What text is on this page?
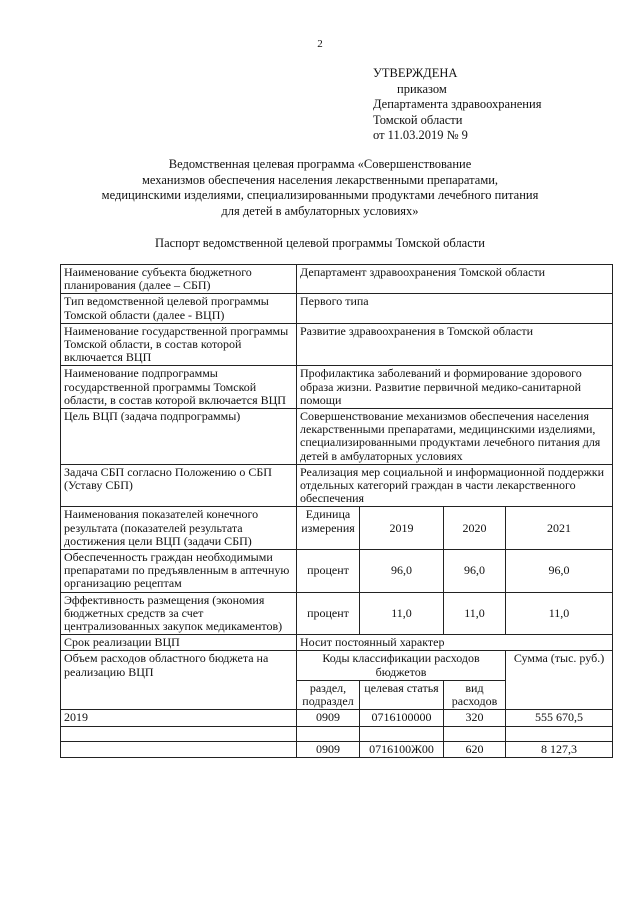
2
УТВЕРЖДЕНА
приказом
Департамента здравоохранения
Томской области
от 11.03.2019 № 9
Ведомственная целевая программа «Совершенствование
механизмов обеспечения населения лекарственными препаратами,
медицинскими изделиями, специализированными продуктами лечебного питания
для детей в амбулаторных условиях»
Паспорт ведомственной целевой программы Томской области
Наименование субъекта бюджетного планирования (далее – СБП)	Департамент здравоохранения Томской области			
Тип ведомственной целевой программы Томской области (далее - ВЦП)	Первого типа			
Наименование государственной программы Томской области, в состав которой включается ВЦП	Развитие здравоохранения в Томской области			
Наименование подпрограммы государственной программы Томской области, в состав которой включается ВЦП	Профилактика заболеваний и формирование здорового образа жизни. Развитие первичной медико-санитарной помощи			
Цель ВЦП (задача подпрограммы)	Совершенствование механизмов обеспечения населения лекарственными препаратами, медицинскими изделиями, специализированными продуктами лечебного питания для детей в амбулаторных условиях			
Задача СБП согласно Положению о СБП (Уставу СБП)	Реализация мер социальной и информационной поддержки отдельных категорий граждан в части лекарственного обеспечения			
Наименования показателей конечного результата (показателей результата достижения цели ВЦП (задачи СБП)	Единица измерения	2019	2020	2021
Обеспеченность граждан необходимыми препаратами по предъявленным в аптечную организацию рецептам	процент	96,0	96,0	96,0
Эффективность размещения (экономия бюджетных средств за счет централизованных закупок медикаментов)	процент	11,0	11,0	11,0
Срок реализации ВЦП	Носит постоянный характер			
Объем расходов областного бюджета на реализацию ВЦП	Коды классификации расходов бюджетов			Сумма (тыс. руб.)
	раздел, подраздел	целевая статья	вид расходов	
2019	0909	0716100000	320	555 670,5

	0909	0716100Ж00	620	8 127,3
